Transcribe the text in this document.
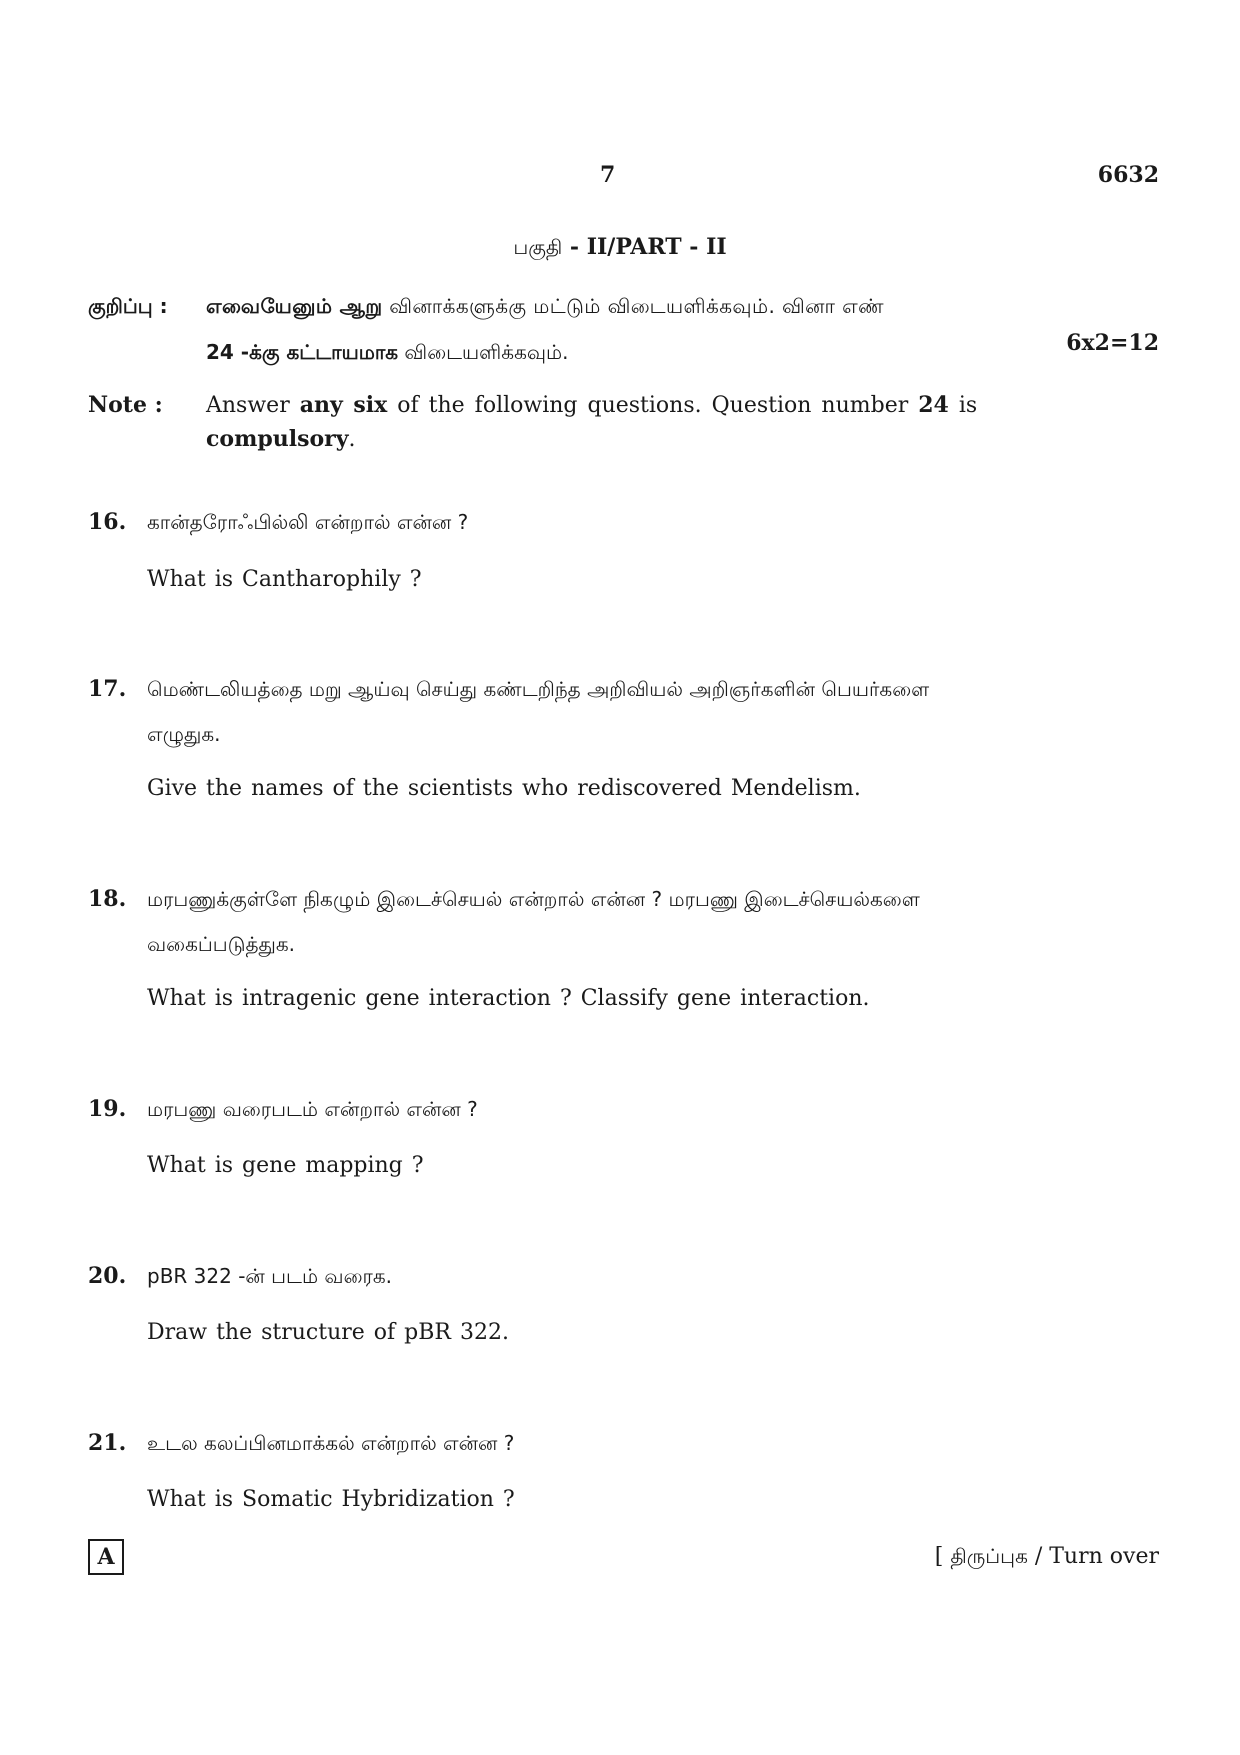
7	6632
பகுதி - II/PART - II
குறிப்பு : எவையேனும் ஆறு வினாக்களுக்கு மட்டும் விடையளிக்கவும். வினா எண்
24 -க்கு கட்டாயமாக விடையளிக்கவும்.	6x2=12
Note : Answer any six of the following questions. Question number 24 is
compulsory.
16. கான்தரோஃபில்லி என்றால் என்ன ?
What is Cantharophily ?
17. மெண்டலியத்தை மறு ஆய்வு செய்து கண்டறிந்த அறிவியல் அறிஞர்களின் பெயர்களை
எழுதுக.
Give the names of the scientists who rediscovered Mendelism.
18. மரபணுக்குள்ளே நிகழும் இடைச்செயல் என்றால் என்ன ? மரபணு இடைச்செயல்களை
வகைப்படுத்துக.
What is intragenic gene interaction ? Classify gene interaction.
19. மரபணு வரைபடம் என்றால் என்ன ?
What is gene mapping ?
20. pBR 322 -ன் படம் வரைக.
Draw the structure of pBR 322.
21. உடல கலப்பினமாக்கல் என்றால் என்ன ?
What is Somatic Hybridization ?
A	[ திருப்புக / Turn over
